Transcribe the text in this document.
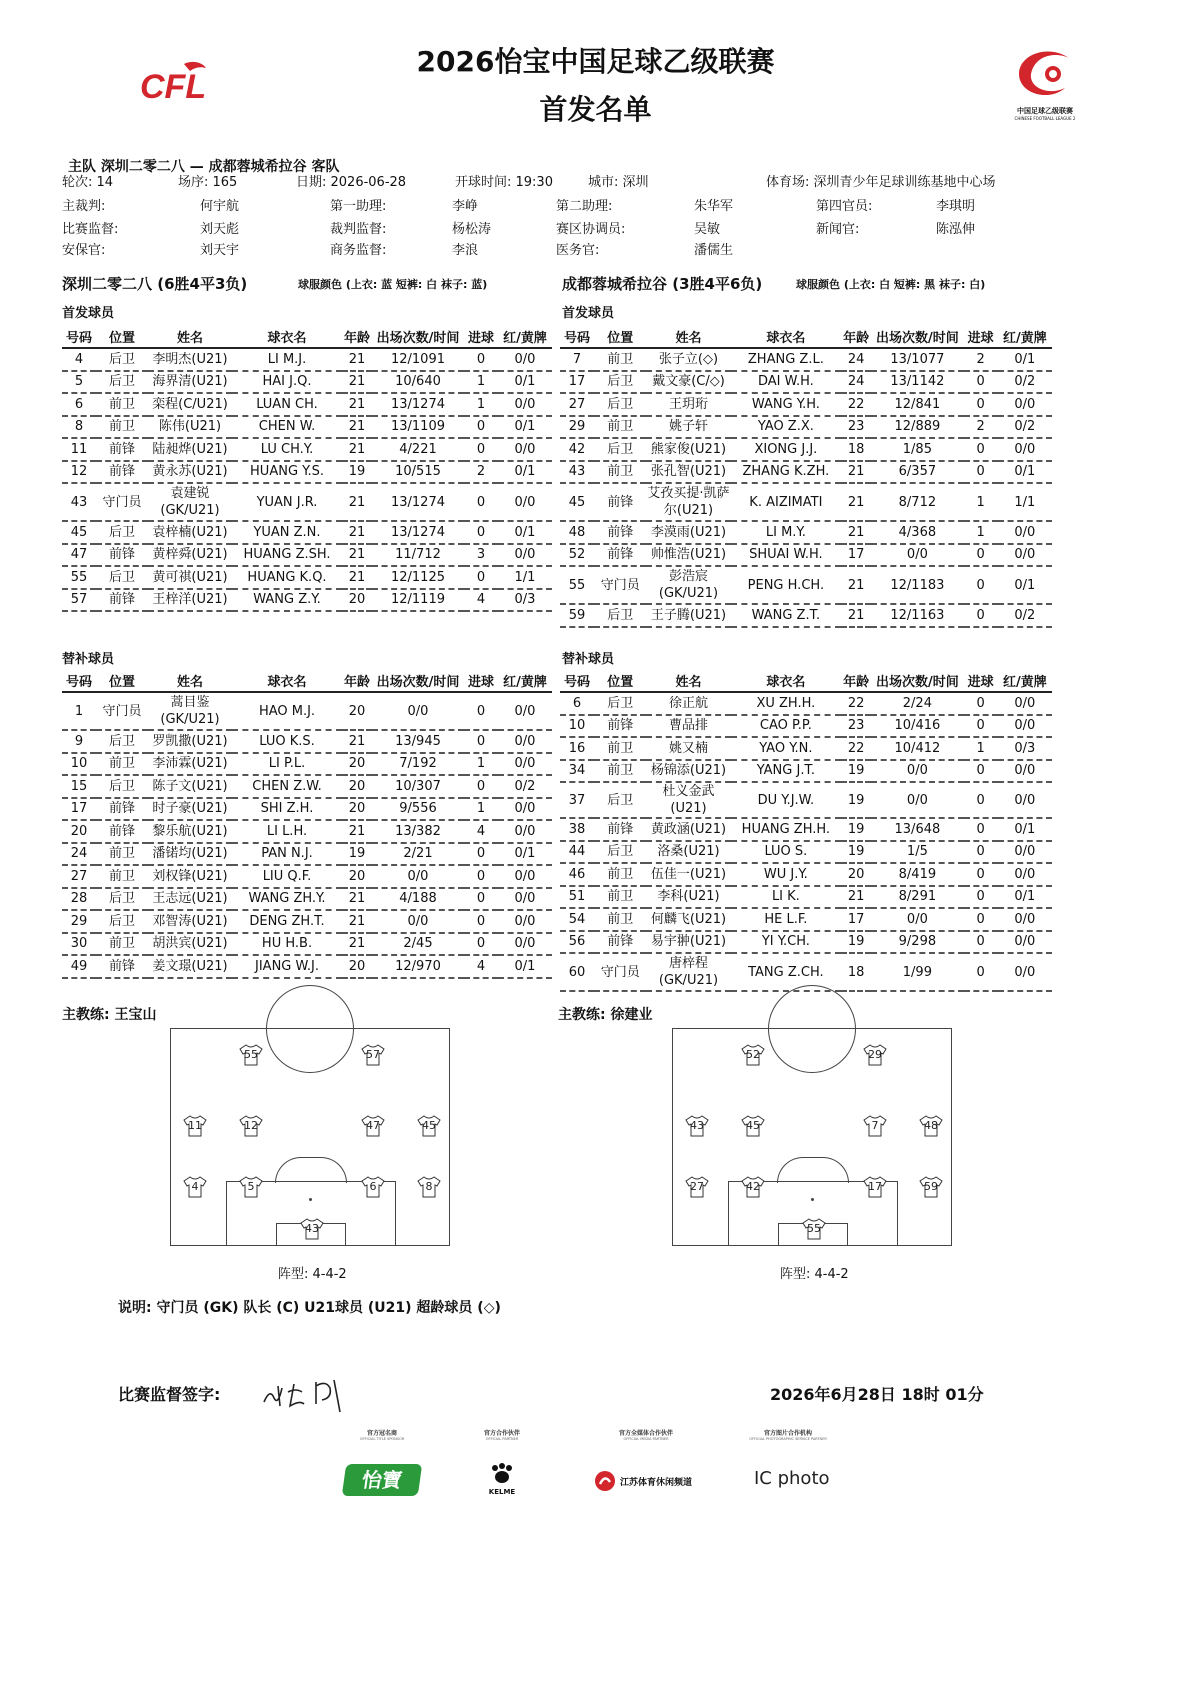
CFL
2026怡宝中国足球乙级联赛
首发名单	中国足球乙级联赛
CHINESE FOOTBALL LEAGUE 2
主队 深圳二零二八 — 成都蓉城希拉谷 客队
轮次: 14	场序: 165	日期: 2026-06-28	开球时间: 19:30	城市: 深圳	体育场: 深圳青少年足球训练基地中心场
主裁判:	何宇航	第一助理:	李峥	第二助理:	朱华军	第四官员:	李琪明
比赛监督:	刘天彪	裁判监督:	杨松涛	赛区协调员:	吴敏	新闻官:	陈泓伸
安保官:	刘天宇	商务监督:	李浪	医务官:	潘儒生
深圳二零二八 (6胜4平3负)	球服颜色 (上衣: 蓝 短裤: 白 袜子: 蓝)	成都蓉城希拉谷 (3胜4平6负)	球服颜色 (上衣: 白 短裤: 黑 袜子: 白)
首发球员	首发球员
号码	位置	姓名	球衣名	年龄	出场次数/时间	进球	红/黄牌
4	后卫	李明杰(U21)	LI M.J.	21	12/1091	0	0/0
5	后卫	海界清(U21)	HAI J.Q.	21	10/640	1	0/1
6	前卫	栾程(C/U21)	LUAN CH.	21	13/1274	1	0/0
8	前卫	陈伟(U21)	CHEN W.	21	13/1109	0	0/1
11	前锋	陆昶烨(U21)	LU CH.Y.	21	4/221	0	0/0
12	前锋	黄永苏(U21)	HUANG Y.S.	19	10/515	2	0/1
43	守门员	袁建锐(GK/U21)	YUAN J.R.	21	13/1274	0	0/0
45	后卫	袁梓楠(U21)	YUAN Z.N.	21	13/1274	0	0/1
47	前锋	黄梓舜(U21)	HUANG Z.SH.	21	11/712	3	0/0
55	后卫	黄可祺(U21)	HUANG K.Q.	21	12/1125	0	1/1
57	前锋	王梓洋(U21)	WANG Z.Y.	20	12/1119	4	0/3
号码	位置	姓名	球衣名	年龄	出场次数/时间	进球	红/黄牌
7	前卫	张子立(◇)	ZHANG Z.L.	24	13/1077	2	0/1
17	后卫	戴文豪(C/◇)	DAI W.H.	24	13/1142	0	0/2
27	后卫	王玥珩	WANG Y.H.	22	12/841	0	0/0
29	前卫	姚子轩	YAO Z.X.	23	12/889	2	0/2
42	后卫	熊家俊(U21)	XIONG J.J.	18	1/85	0	0/0
43	前卫	张孔智(U21)	ZHANG K.ZH.	21	6/357	0	0/1
45	前锋	艾孜买提·凯萨尔(U21)	K. AIZIMATI	21	8/712	1	1/1
48	前锋	李漠雨(U21)	LI M.Y.	21	4/368	1	0/0
52	前锋	帅惟浩(U21)	SHUAI W.H.	17	0/0	0	0/0
55	守门员	彭浩宸(GK/U21)	PENG H.CH.	21	12/1183	0	0/1
59	后卫	王子腾(U21)	WANG Z.T.	21	12/1163	0	0/2
替补球员	替补球员
号码	位置	姓名	球衣名	年龄	出场次数/时间	进球	红/黄牌
1	守门员	蒿目鉴(GK/U21)	HAO M.J.	20	0/0	0	0/0
9	后卫	罗凯撒(U21)	LUO K.S.	21	13/945	0	0/0
10	前卫	李沛霖(U21)	LI P.L.	20	7/192	1	0/0
15	后卫	陈子文(U21)	CHEN Z.W.	20	10/307	0	0/2
17	前锋	时子豪(U21)	SHI Z.H.	20	9/556	1	0/0
20	前锋	黎乐航(U21)	LI L.H.	21	13/382	4	0/0
24	前卫	潘锘均(U21)	PAN N.J.	19	2/21	0	0/1
27	前卫	刘权锋(U21)	LIU Q.F.	20	0/0	0	0/0
28	后卫	王志远(U21)	WANG ZH.Y.	21	4/188	0	0/0
29	后卫	邓智涛(U21)	DENG ZH.T.	21	0/0	0	0/0
30	前卫	胡洪宾(U21)	HU H.B.	21	2/45	0	0/0
49	前锋	姜文璟(U21)	JIANG W.J.	20	12/970	4	0/1
号码	位置	姓名	球衣名	年龄	出场次数/时间	进球	红/黄牌
6	后卫	徐正航	XU ZH.H.	22	2/24	0	0/0
10	前锋	曹品排	CAO P.P.	23	10/416	0	0/0
16	前卫	姚又楠	YAO Y.N.	22	10/412	1	0/3
34	前卫	杨锦添(U21)	YANG J.T.	19	0/0	0	0/0
37	后卫	杜义金武(U21)	DU Y.J.W.	19	0/0	0	0/0
38	前锋	黄政涵(U21)	HUANG ZH.H.	19	13/648	0	0/1
44	后卫	洛桑(U21)	LUO S.	19	1/5	0	0/0
46	前卫	伍佳一(U21)	WU J.Y.	20	8/419	0	0/0
51	前卫	李科(U21)	LI K.	21	8/291	0	0/1
54	前卫	何麟飞(U21)	HE L.F.	17	0/0	0	0/0
56	前锋	易宇翀(U21)	YI Y.CH.	19	9/298	0	0/0
60	守门员	唐梓程(GK/U21)	TANG Z.CH.	18	1/99	0	0/0
主教练: 王宝山	主教练: 徐建业
55	57
11	12	47	45
4	5	6	8
43
52	29
43	45	7	48
27	42	17	59
55
阵型: 4-4-2	阵型: 4-4-2
说明: 守门员 (GK) 队长 (C) U21球员 (U21) 超龄球员 (◇)
比赛监督签字:	2026年6月28日 18时 01分
官方冠名商
OFFICIAL TITLE SPONSOR
官方合作伙伴
OFFICIAL PARTNER
官方全媒体合作伙伴
OFFICIAL MEDIA PARTNER
官方图片合作机构
OFFICIAL PHOTOGRAPHIC SERVICE PARTNER
怡寶	KELME
江苏体育休闲频道	IC photo
